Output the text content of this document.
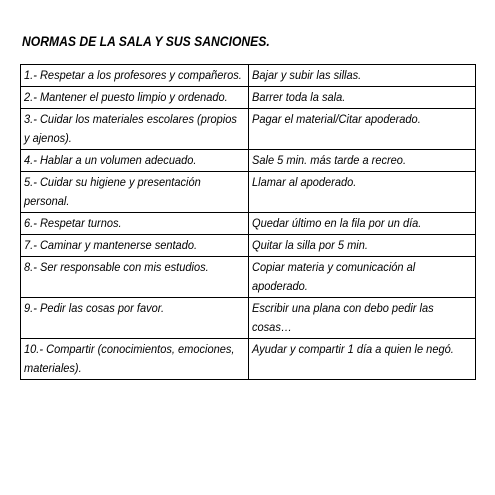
NORMAS DE LA SALA Y SUS SANCIONES.
1.- Respetar a los profesores y compañeros.	Bajar y subir las sillas.
2.- Mantener el puesto limpio y ordenado.	Barrer toda la sala.
3.- Cuidar los materiales escolares (propios y ajenos).	Pagar el material/Citar apoderado.
4.- Hablar a un volumen adecuado.	Sale 5 min. más tarde a recreo.
5.- Cuidar su higiene y presentación personal.	Llamar al apoderado.
6.- Respetar turnos.	Quedar último en la fila por un día.
7.- Caminar y mantenerse sentado.	Quitar la silla por 5 min.
8.- Ser responsable con mis estudios.	Copiar materia y comunicación al apoderado.
9.- Pedir las cosas por favor.	Escribir una plana con debo pedir las cosas…
10.- Compartir (conocimientos, emociones, materiales).	Ayudar y compartir 1 día a quien le negó.
